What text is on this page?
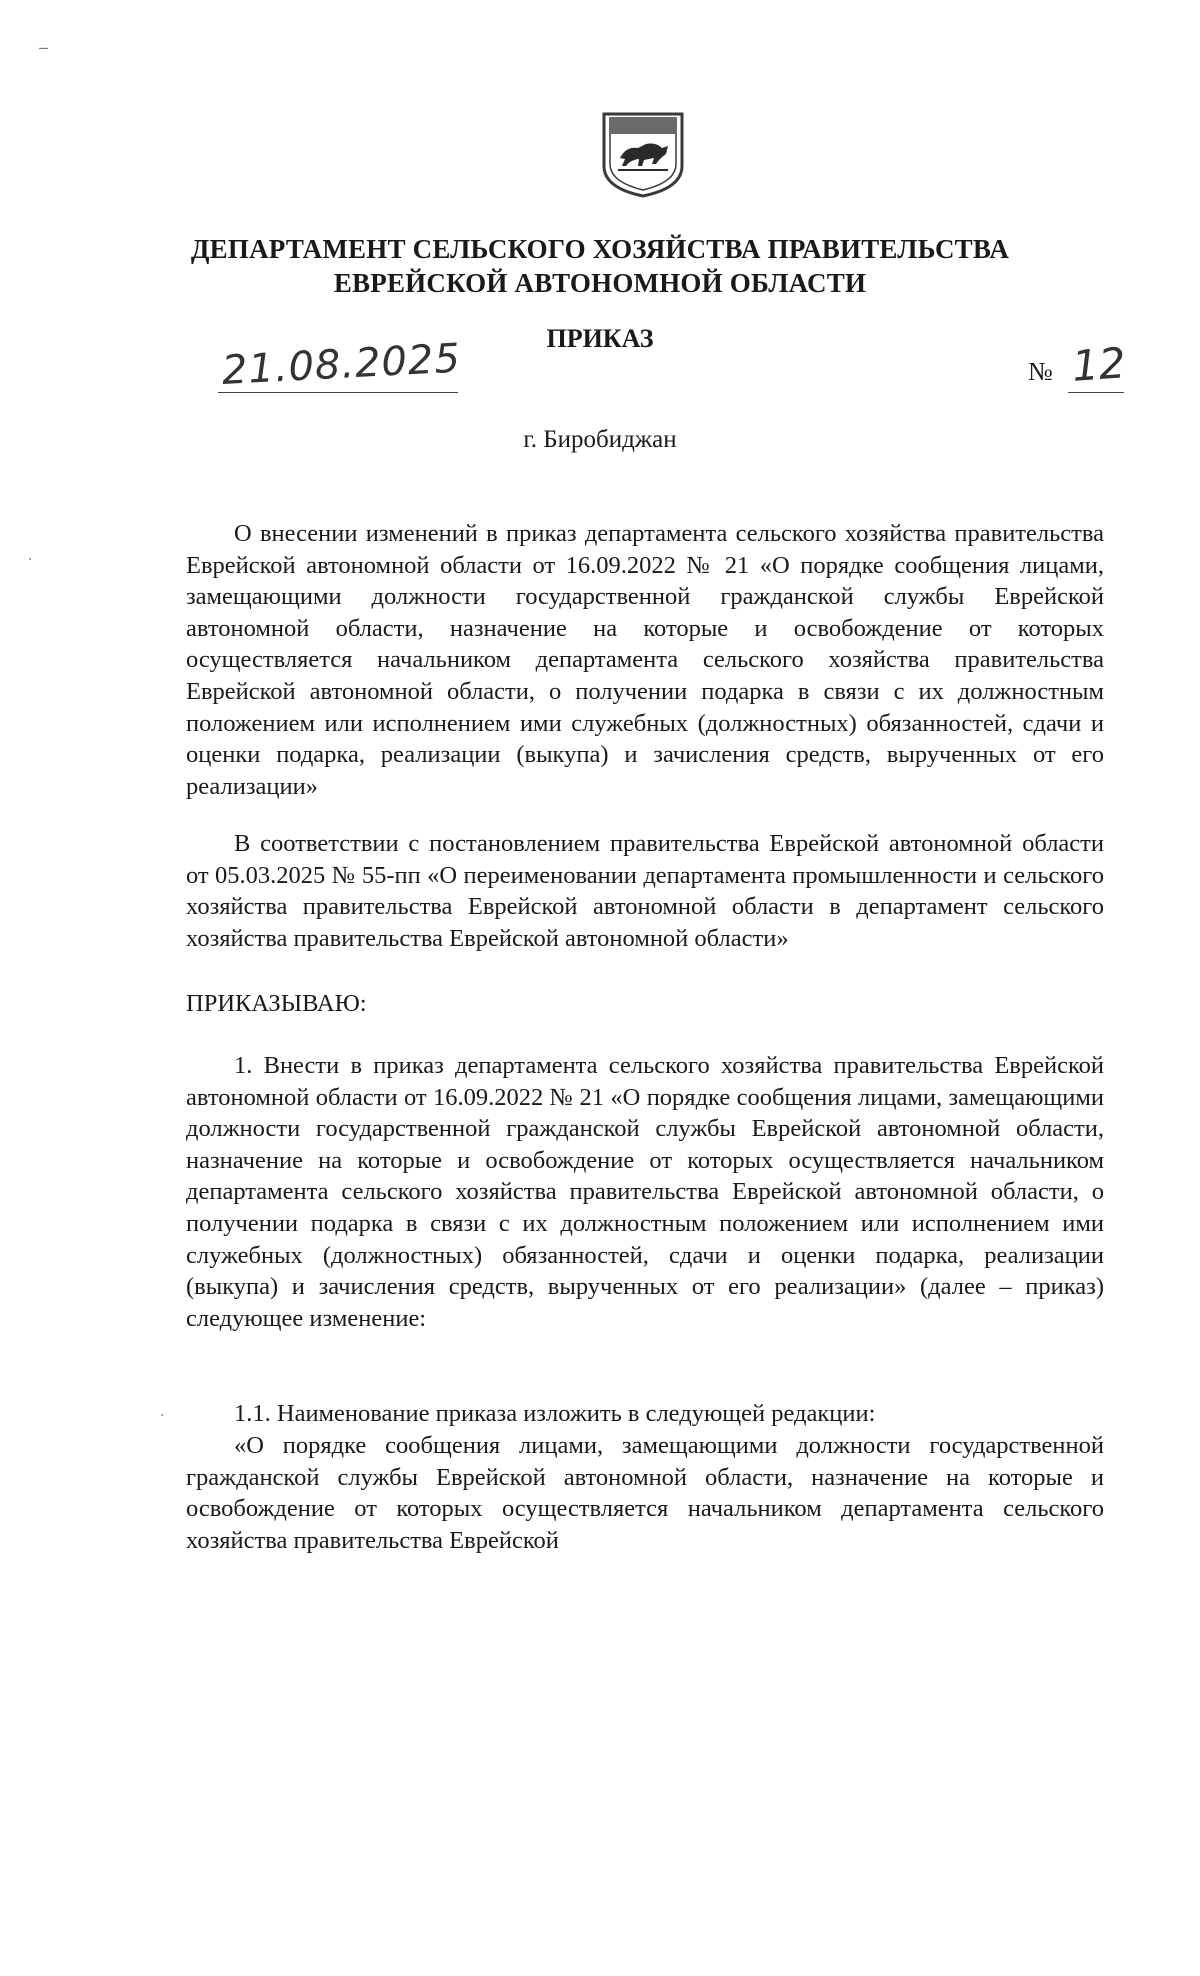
ДЕПАРТАМЕНТ СЕЛЬСКОГО ХОЗЯЙСТВА ПРАВИТЕЛЬСТВА
ЕВРЕЙСКОЙ АВТОНОМНОЙ ОБЛАСТИ
ПРИКАЗ
21.08.2025	№ 12
г. Биробиджан

О внесении изменений в приказ департамента сельского хозяйства правительства Еврейской автономной области от 16.09.2022 № 21 «О порядке сообщения лицами, замещающими должности государственной гражданской службы Еврейской автономной области, назначение на которые и освобождение от которых осуществляется начальником департамента сельского хозяйства правительства Еврейской автономной области, о получении подарка в связи с их должностным положением или исполнением ими служебных (должностных) обязанностей, сдачи и оценки подарка, реализации (выкупа) и зачисления средств, вырученных от его реализации»

В соответствии с постановлением правительства Еврейской автономной области от 05.03.2025 № 55-пп «О переименовании департамента промышленности и сельского хозяйства правительства Еврейской автономной области в департамент сельского хозяйства правительства Еврейской автономной области»

ПРИКАЗЫВАЮ:

1. Внести в приказ департамента сельского хозяйства правительства Еврейской автономной области от 16.09.2022 № 21 «О порядке сообщения лицами, замещающими должности государственной гражданской службы Еврейской автономной области, назначение на которые и освобождение от которых осуществляется начальником департамента сельского хозяйства правительства Еврейской автономной области, о получении подарка в связи с их должностным положением или исполнением ими служебных (должностных) обязанностей, сдачи и оценки подарка, реализации (выкупа) и зачисления средств, вырученных от его реализации» (далее – приказ) следующее изменение:

1.1. Наименование приказа изложить в следующей редакции:

«О порядке сообщения лицами, замещающими должности государственной гражданской службы Еврейской автономной области, назначение на которые и освобождение от которых осуществляется начальником департамента сельского хозяйства правительства Еврейской

·
·
